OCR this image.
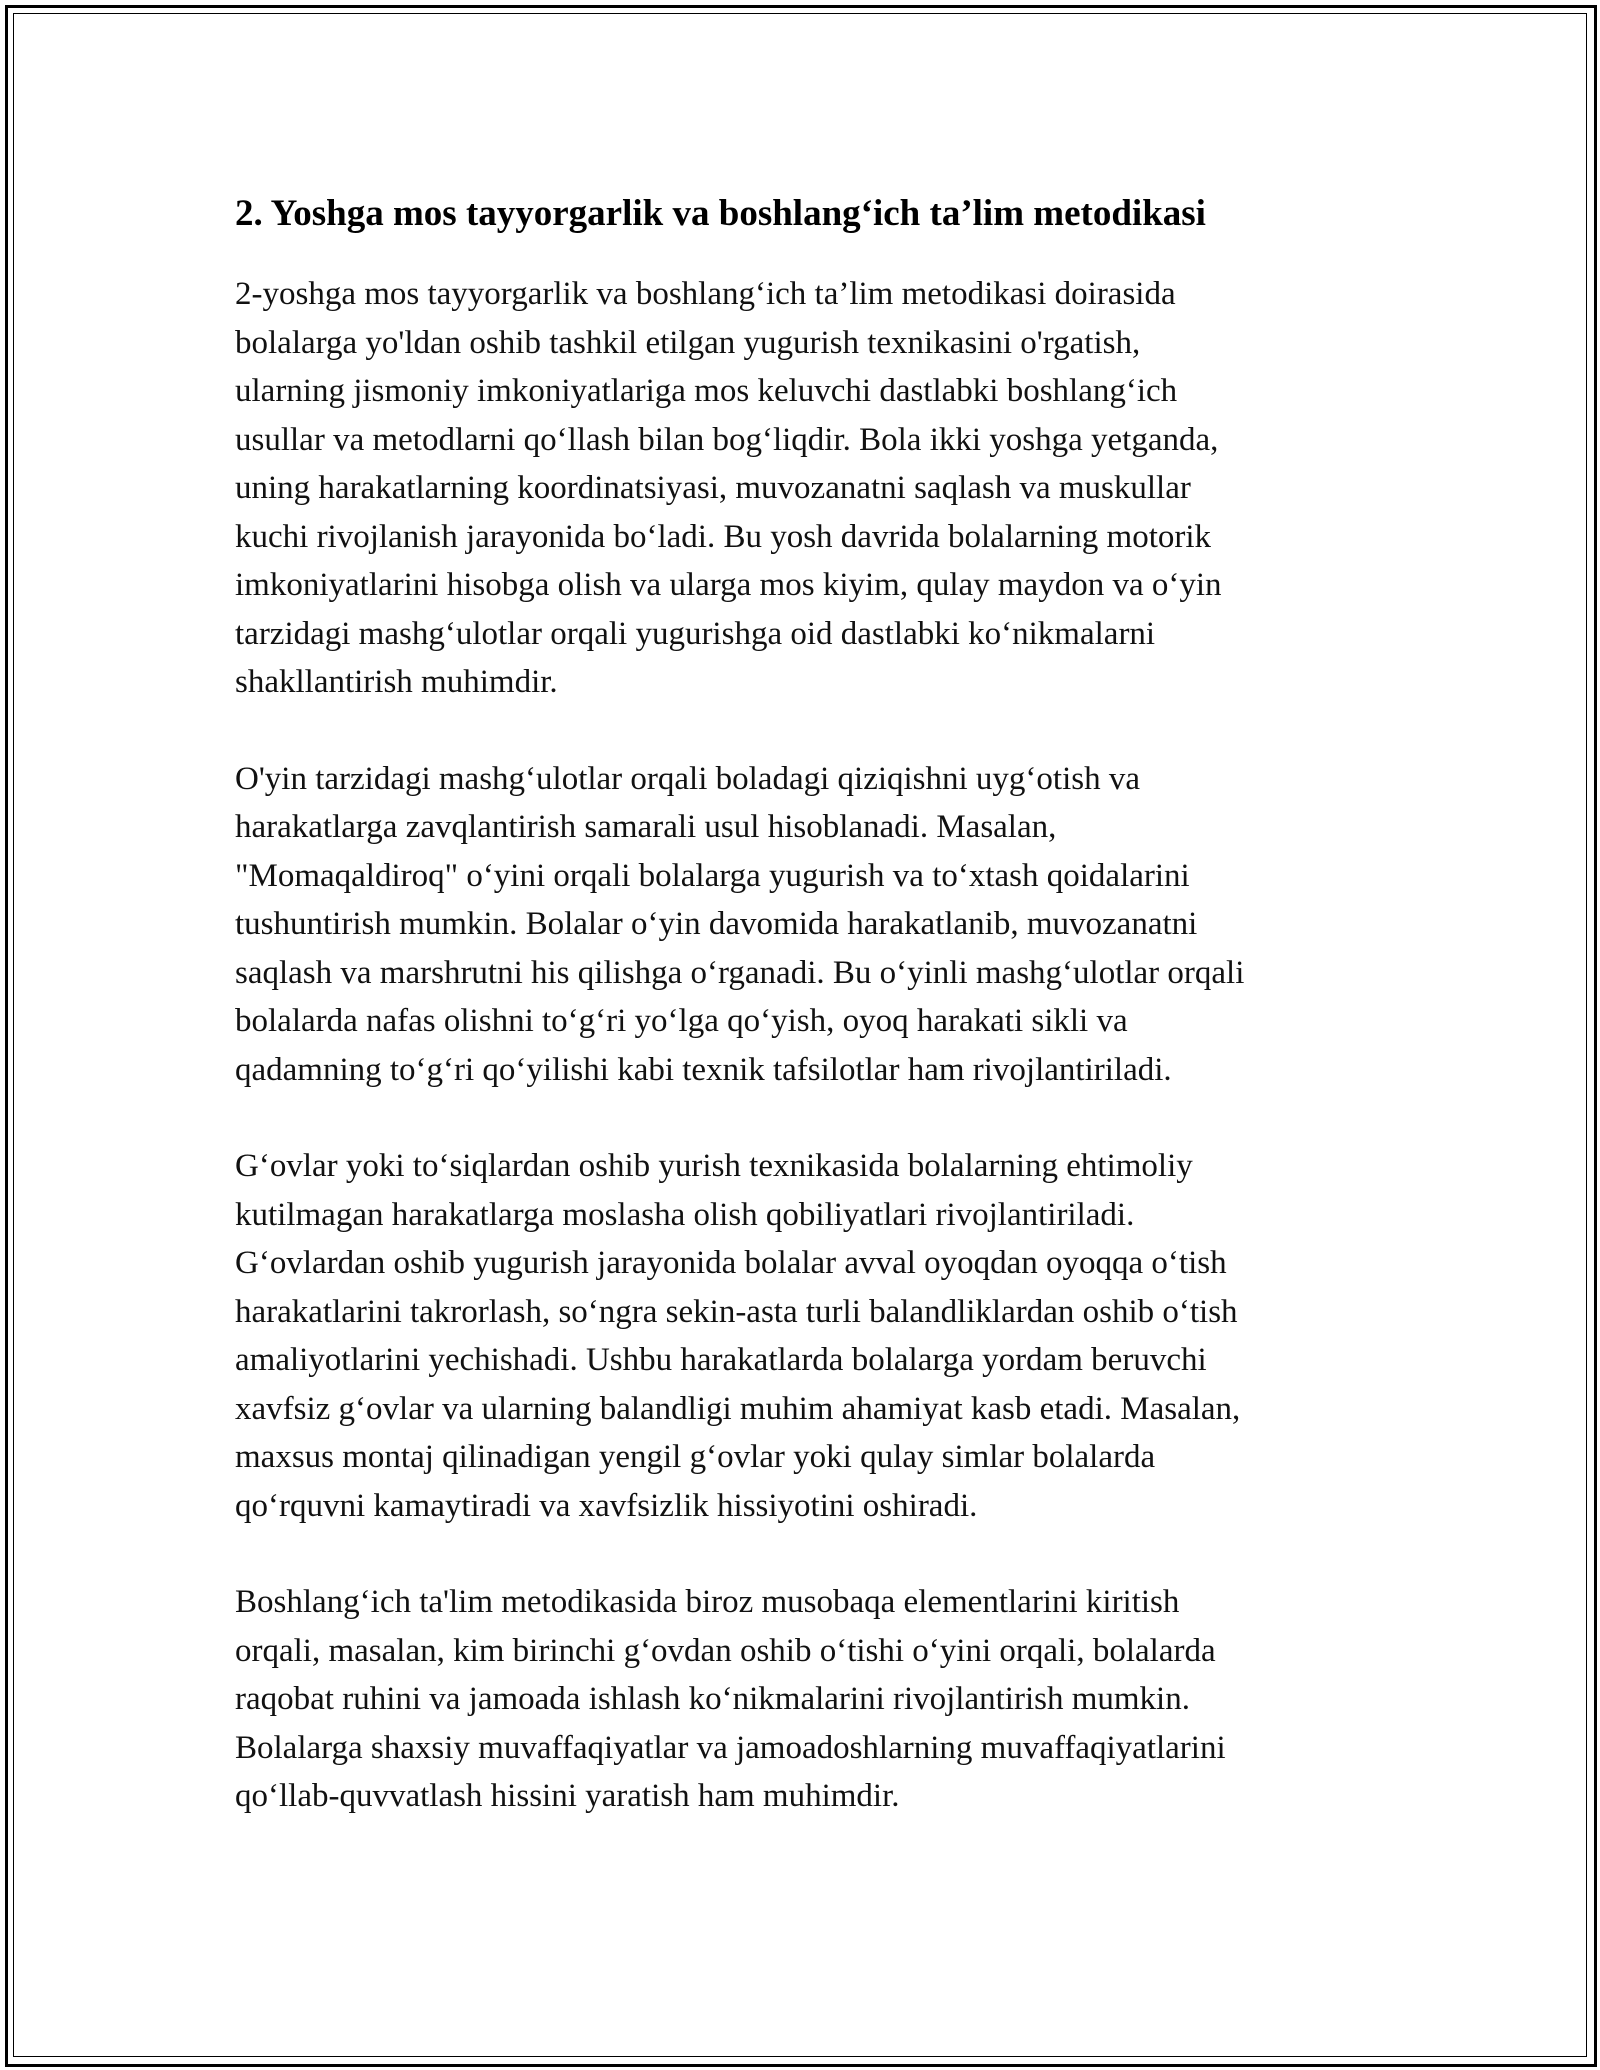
2. Yoshga mos tayyorgarlik va boshlang‘ich ta’lim metodikasi

2-yoshga mos tayyorgarlik va boshlang‘ich ta’lim metodikasi doirasida
bolalarga yo'ldan oshib tashkil etilgan yugurish texnikasini o'rgatish,
ularning jismoniy imkoniyatlariga mos keluvchi dastlabki boshlang‘ich
usullar va metodlarni qo‘llash bilan bog‘liqdir. Bola ikki yoshga yetganda,
uning harakatlarning koordinatsiyasi, muvozanatni saqlash va muskullar
kuchi rivojlanish jarayonida bo‘ladi. Bu yosh davrida bolalarning motorik
imkoniyatlarini hisobga olish va ularga mos kiyim, qulay maydon va o‘yin
tarzidagi mashg‘ulotlar orqali yugurishga oid dastlabki ko‘nikmalarni
shakllantirish muhimdir.

O'yin tarzidagi mashg‘ulotlar orqali boladagi qiziqishni uyg‘otish va
harakatlarga zavqlantirish samarali usul hisoblanadi. Masalan,
"Momaqaldiroq" o‘yini orqali bolalarga yugurish va to‘xtash qoidalarini
tushuntirish mumkin. Bolalar o‘yin davomida harakatlanib, muvozanatni
saqlash va marshrutni his qilishga o‘rganadi. Bu o‘yinli mashg‘ulotlar orqali
bolalarda nafas olishni to‘g‘ri yo‘lga qo‘yish, oyoq harakati sikli va
qadamning to‘g‘ri qo‘yilishi kabi texnik tafsilotlar ham rivojlantiriladi.

G‘ovlar yoki to‘siqlardan oshib yurish texnikasida bolalarning ehtimoliy
kutilmagan harakatlarga moslasha olish qobiliyatlari rivojlantiriladi.
G‘ovlardan oshib yugurish jarayonida bolalar avval oyoqdan oyoqqa o‘tish
harakatlarini takrorlash, so‘ngra sekin-asta turli balandliklardan oshib o‘tish
amaliyotlarini yechishadi. Ushbu harakatlarda bolalarga yordam beruvchi
xavfsiz g‘ovlar va ularning balandligi muhim ahamiyat kasb etadi. Masalan,
maxsus montaj qilinadigan yengil g‘ovlar yoki qulay simlar bolalarda
qo‘rquvni kamaytiradi va xavfsizlik hissiyotini oshiradi.

Boshlang‘ich ta'lim metodikasida biroz musobaqa elementlarini kiritish
orqali, masalan, kim birinchi g‘ovdan oshib o‘tishi o‘yini orqali, bolalarda
raqobat ruhini va jamoada ishlash ko‘nikmalarini rivojlantirish mumkin.
Bolalarga shaxsiy muvaffaqiyatlar va jamoadoshlarning muvaffaqiyatlarini
qo‘llab-quvvatlash hissini yaratish ham muhimdir.
